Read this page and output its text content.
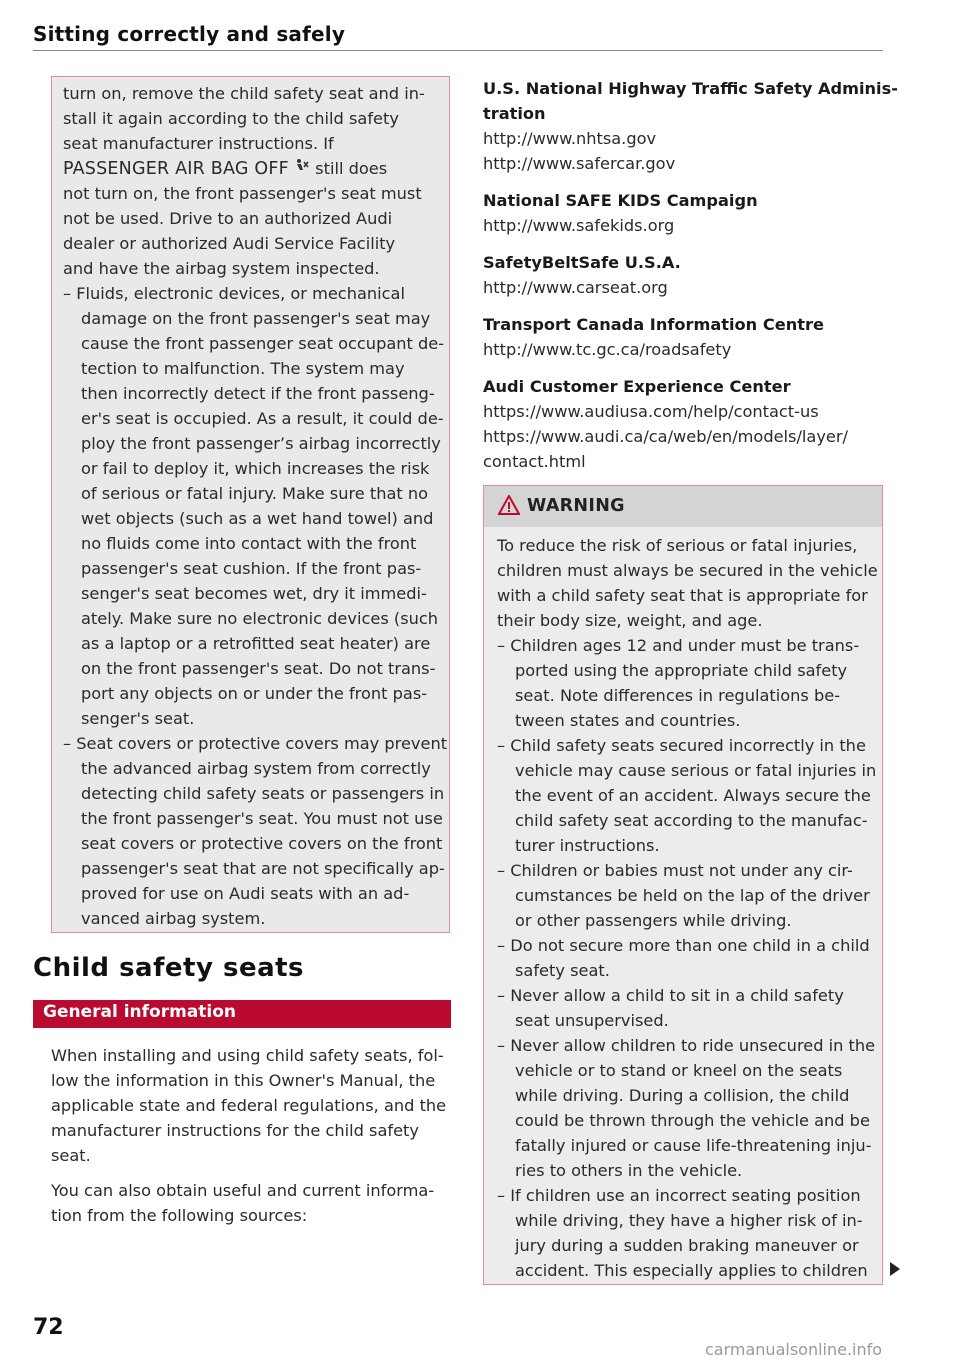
Sitting correctly and safely
turn on, remove the child safety seat and in-
stall it again according to the child safety
seat manufacturer instructions. If
PASSENGER AIR BAG OFF  still does
not turn on, the front passenger's seat must
not be used. Drive to an authorized Audi
dealer or authorized Audi Service Facility
and have the airbag system inspected.
– Fluids, electronic devices, or mechanical
damage on the front passenger's seat may
cause the front passenger seat occupant de-
tection to malfunction. The system may
then incorrectly detect if the front passeng-
er's seat is occupied. As a result, it could de-
ploy the front passenger’s airbag incorrectly
or fail to deploy it, which increases the risk
of serious or fatal injury. Make sure that no
wet objects (such as a wet hand towel) and
no fluids come into contact with the front
passenger's seat cushion. If the front pas-
senger's seat becomes wet, dry it immedi-
ately. Make sure no electronic devices (such
as a laptop or a retrofitted seat heater) are
on the front passenger's seat. Do not trans-
port any objects on or under the front pas-
senger's seat.
– Seat covers or protective covers may prevent
the advanced airbag system from correctly
detecting child safety seats or passengers in
the front passenger's seat. You must not use
seat covers or protective covers on the front
passenger's seat that are not specifically ap-
proved for use on Audi seats with an ad-
vanced airbag system.
Child safety seats
General information
When installing and using child safety seats, fol-
low the information in this Owner's Manual, the
applicable state and federal regulations, and the
manufacturer instructions for the child safety
seat.
You can also obtain useful and current informa-
tion from the following sources:
72
U.S. National Highway Traffic Safety Adminis-
tration
http://www.nhtsa.gov
http://www.safercar.gov
National SAFE KIDS Campaign
http://www.safekids.org
SafetyBeltSafe U.S.A.
http://www.carseat.org
Transport Canada Information Centre
http://www.tc.gc.ca/roadsafety
Audi Customer Experience Center
https://www.audiusa.com/help/contact-us
https://www.audi.ca/ca/web/en/models/layer/
contact.html
WARNING
To reduce the risk of serious or fatal injuries,
children must always be secured in the vehicle
with a child safety seat that is appropriate for
their body size, weight, and age.
– Children ages 12 and under must be trans-
ported using the appropriate child safety
seat. Note differences in regulations be-
tween states and countries.
– Child safety seats secured incorrectly in the
vehicle may cause serious or fatal injuries in
the event of an accident. Always secure the
child safety seat according to the manufac-
turer instructions.
– Children or babies must not under any cir-
cumstances be held on the lap of the driver
or other passengers while driving.
– Do not secure more than one child in a child
safety seat.
– Never allow a child to sit in a child safety
seat unsupervised.
– Never allow children to ride unsecured in the
vehicle or to stand or kneel on the seats
while driving. During a collision, the child
could be thrown through the vehicle and be
fatally injured or cause life-threatening inju-
ries to others in the vehicle.
– If children use an incorrect seating position
while driving, they have a higher risk of in-
jury during a sudden braking maneuver or
accident. This especially applies to children
carmanualsonline.info
